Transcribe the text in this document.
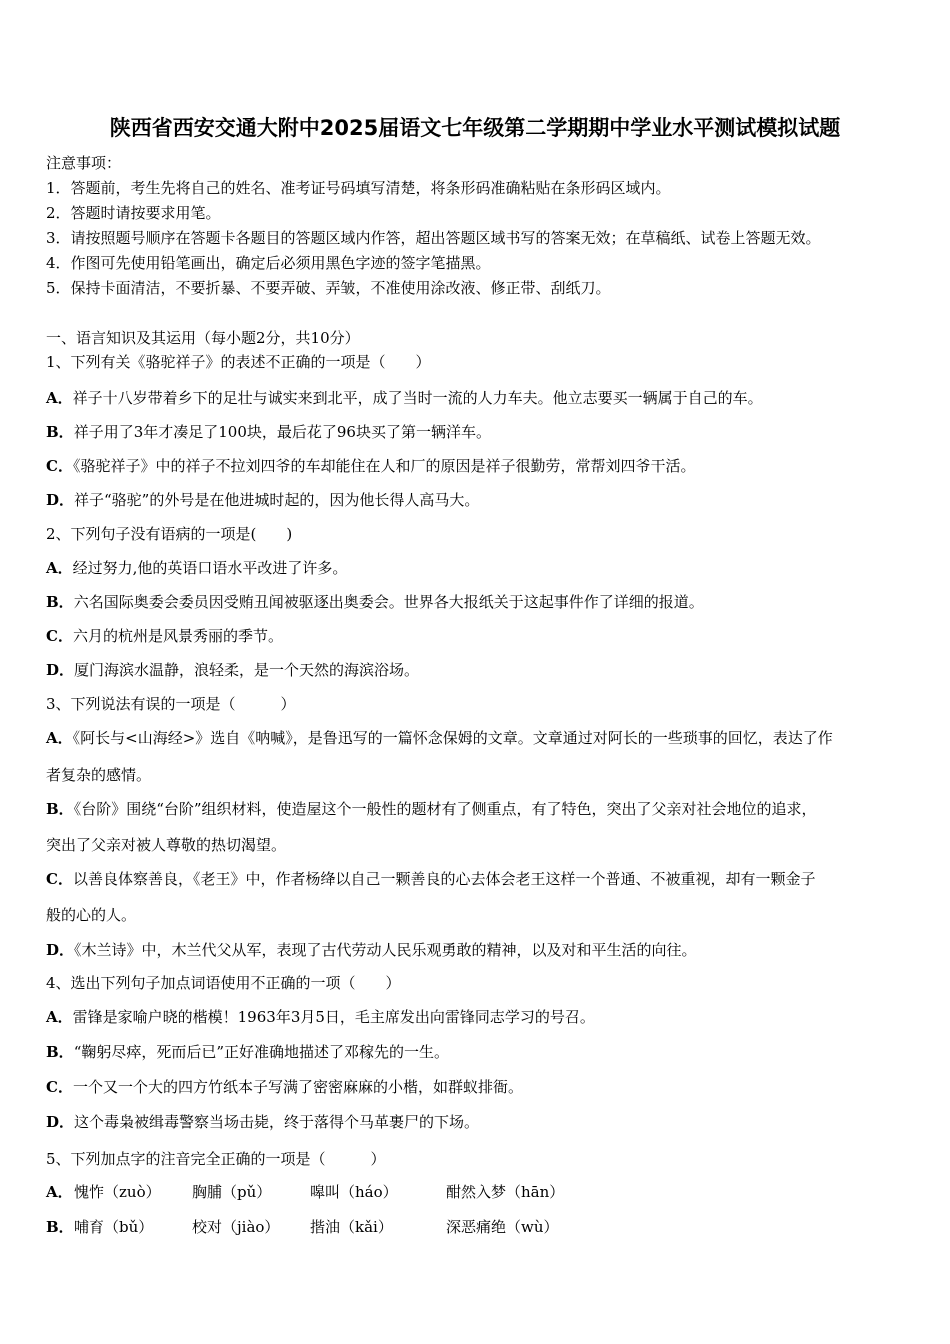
陕西省西安交通大附中2025届语文七年级第二学期期中学业水平测试模拟试题
注意事项：
1．答题前，考生先将自己的姓名、准考证号码填写清楚，将条形码准确粘贴在条形码区域内。
2．答题时请按要求用笔。
3．请按照题号顺序在答题卡各题目的答题区域内作答，超出答题区域书写的答案无效；在草稿纸、试卷上答题无效。
4．作图可先使用铅笔画出，确定后必须用黑色字迹的签字笔描黑。
5．保持卡面清洁，不要折暴、不要弄破、弄皱，不准使用涂改液、修正带、刮纸刀。
一、语言知识及其运用（每小题2分，共10分）
1、下列有关《骆驼祥子》的表述不正确的一项是（　　）
A．祥子十八岁带着乡下的足壮与诚实来到北平，成了当时一流的人力车夫。他立志要买一辆属于自己的车。
B．祥子用了3年才凑足了100块，最后花了96块买了第一辆洋车。
C．《骆驼祥子》中的祥子不拉刘四爷的车却能住在人和厂的原因是祥子很勤劳，常帮刘四爷干活。
D．祥子“骆驼”的外号是在他进城时起的，因为他长得人高马大。
2、下列句子没有语病的一项是(　　)
A．经过努力,他的英语口语水平改进了许多。
B．六名国际奥委会委员因受贿丑闻被驱逐出奥委会。世界各大报纸关于这起事件作了详细的报道。
C．六月的杭州是风景秀丽的季节。
D．厦门海滨水温静，浪轻柔，是一个天然的海滨浴场。
3、下列说法有误的一项是（　　　）
A．《阿长与<山海经>》选自《呐喊》，是鲁迅写的一篇怀念保姆的文章。文章通过对阿长的一些琐事的回忆，表达了作
者复杂的感情。
B．《台阶》围绕“台阶”组织材料，使造屋这个一般性的题材有了侧重点，有了特色，突出了父亲对社会地位的追求，
突出了父亲对被人尊敬的热切渴望。
C．以善良体察善良，《老王》中，作者杨绛以自己一颗善良的心去体会老王这样一个普通、不被重视，却有一颗金子
般的心的人。
D．《木兰诗》中，木兰代父从军，表现了古代劳动人民乐观勇敢的精神，以及对和平生活的向往。
4、选出下列句子加点词语使用不正确的一项（　　）
A．雷锋是家喻户晓的楷模！1963年3月5日，毛主席发出向雷锋同志学习的号召。
B．“鞠躬尽瘁，死而后已”正好准确地描述了邓稼先的一生。
C．一个又一个大的四方竹纸本子写满了密密麻麻的小楷，如群蚁排衙。
D．这个毒枭被缉毒警察当场击毙，终于落得个马革裹尸的下场。
5、下列加点字的注音完全正确的一项是（　　　）
A．愧怍（zuò） 胸脯（pǔ）	嗥叫（háo）	酣然入梦（hān）
B．哺育（bǔ）	校对（jiào） 揩油（kǎi）	深恶痛绝（wù）
